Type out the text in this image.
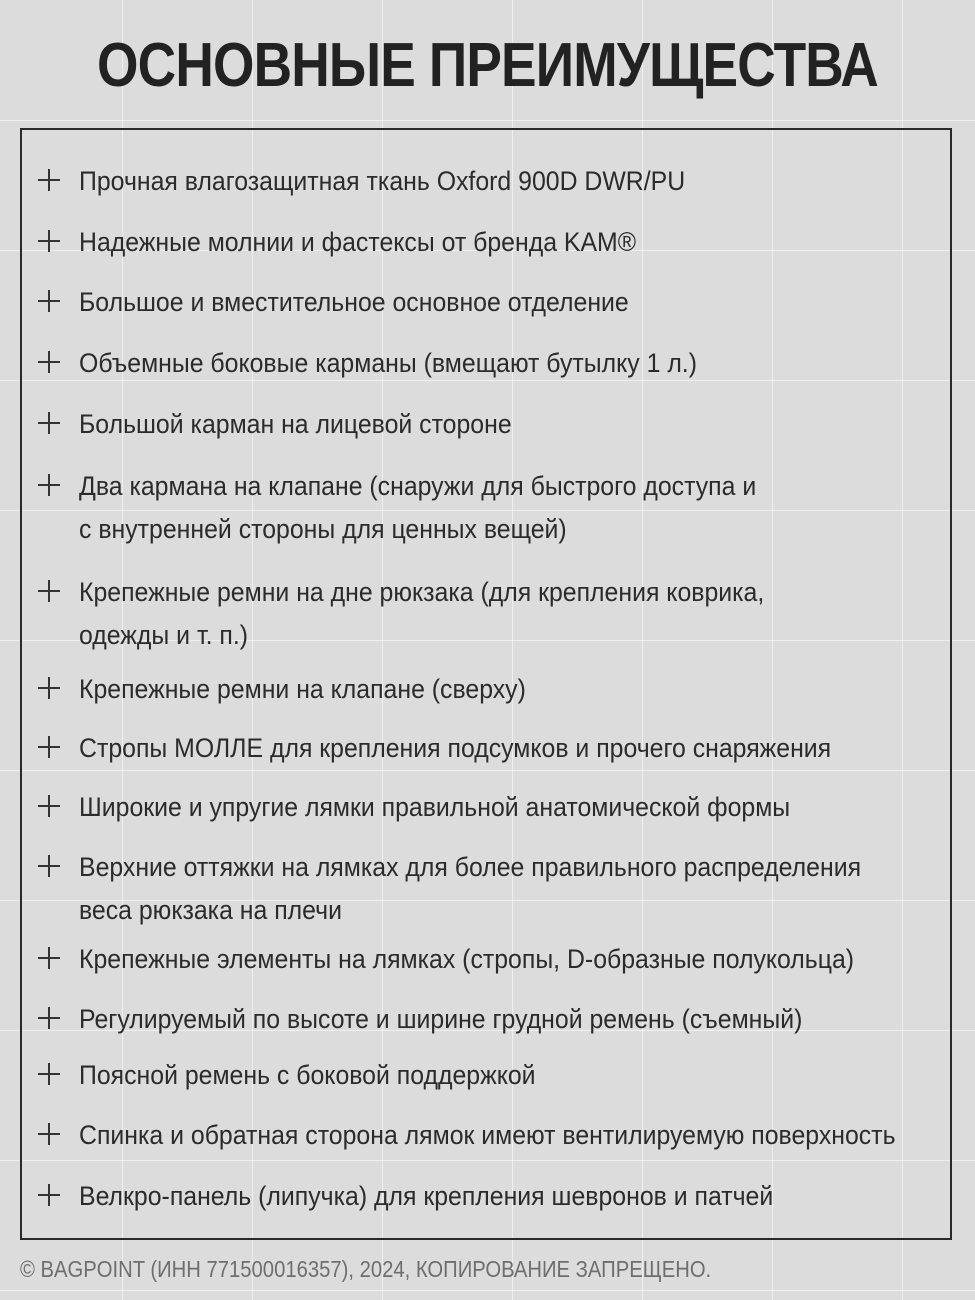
ОСНОВНЫЕ ПРЕИМУЩЕСТВА
Прочная влагозащитная ткань Oxford 900D DWR/PU
Надежные молнии и фастексы от бренда KAM®
Большое и вместительное основное отделение
Объемные боковые карманы (вмещают бутылку 1 л.)
Большой карман на лицевой стороне
Два кармана на клапане (снаружи для быстрого доступа и
с внутренней стороны для ценных вещей)
Крепежные ремни на дне рюкзака (для крепления коврика,
одежды и т. п.)
Крепежные ремни на клапане (сверху)
Стропы МОЛЛЕ для крепления подсумков и прочего снаряжения
Широкие и упругие лямки правильной анатомической формы
Верхние оттяжки на лямках для более правильного распределения
веса рюкзака на плечи
Крепежные элементы на лямках (стропы, D-образные полукольца)
Регулируемый по высоте и ширине грудной ремень (съемный)
Поясной ремень с боковой поддержкой
Спинка и обратная сторона лямок имеют вентилируемую поверхность
Велкро-панель (липучка) для крепления шевронов и патчей
© BAGPOINT (ИНН 771500016357), 2024, КОПИРОВАНИЕ ЗАПРЕЩЕНО.
